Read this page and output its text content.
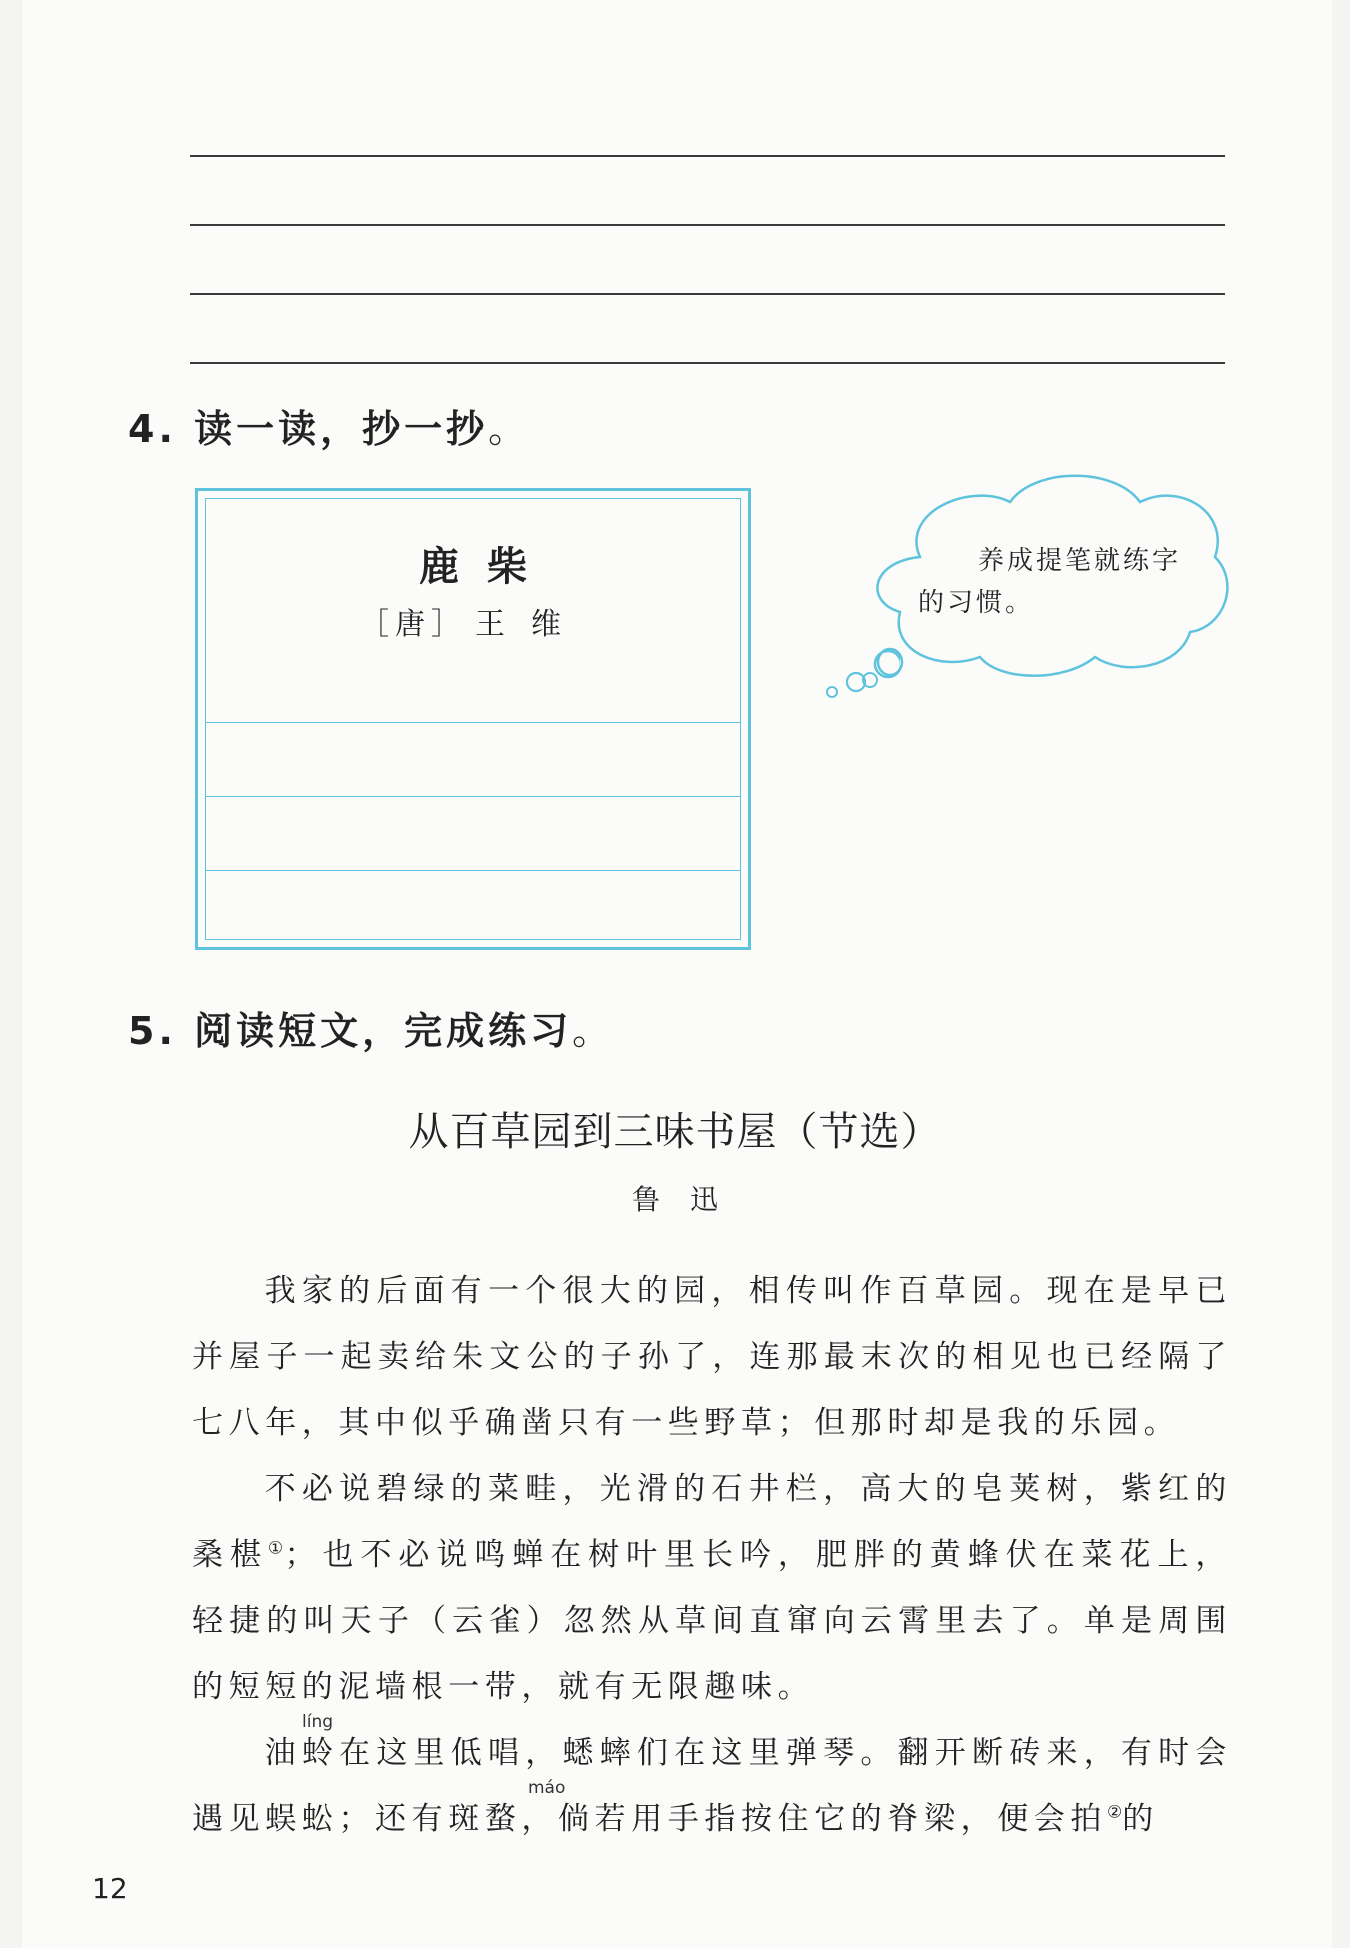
4. 读一读，抄一抄。
鹿柴
［唐］ 王维
养成提笔就练字
的习惯。
5. 阅读短文，完成练习。
从百草园到三味书屋（节选）
鲁迅
我家的后面有一个很大的园，相传叫作百草园。现在是早已并屋子一起卖给朱文公的子孙了，连那最末次的相见也已经隔了七八年，其中似乎确凿只有一些野草；但那时却是我的乐园。
不必说碧绿的菜畦，光滑的石井栏，高大的皂荚树，紫红的桑椹①；也不必说鸣蝉在树叶里长吟，肥胖的黄蜂伏在菜花上，轻捷的叫天子（云雀）忽然从草间直窜向云霄里去了。单是周围的短短的泥墙根一带，就有无限趣味。
líng
máo
油蛉在这里低唱，蟋蟀们在这里弹琴。翻开断砖来，有时会遇见蜈蚣；还有斑蝥，倘若用手指按住它的脊梁，便会拍②的
12
